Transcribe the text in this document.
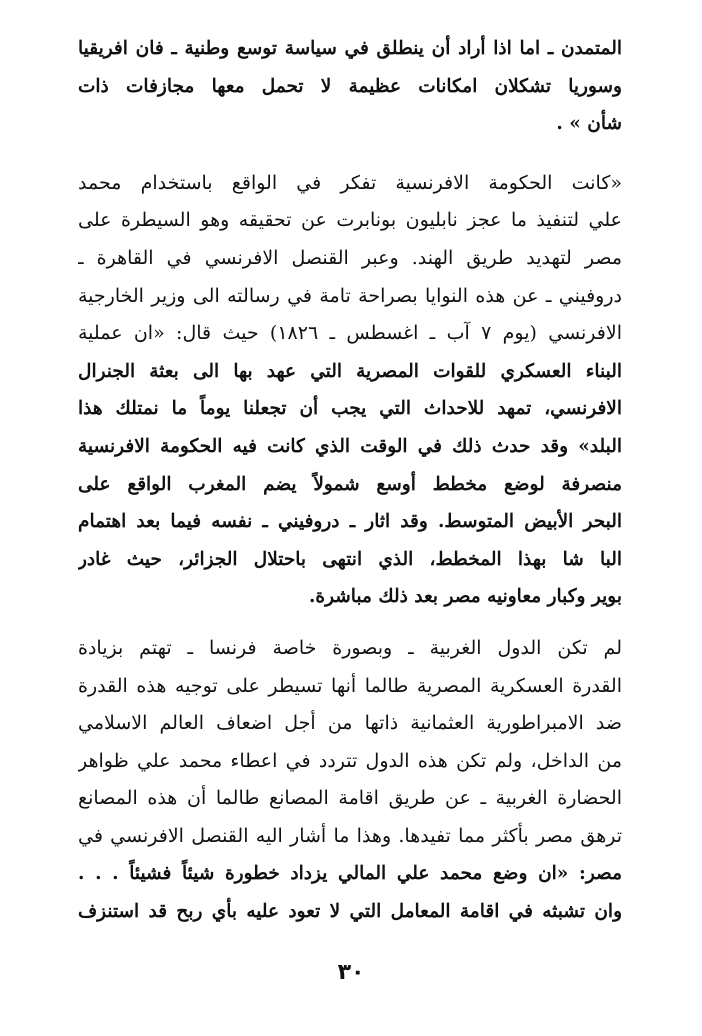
المتمدن ـ اما اذا أراد أن ينطلق في سياسة توسع وطنية ـ فان افريقيا
وسوريا تشكلان امكانات عظيمة لا تحمل معها مجازفات ذات
شأن » .
«كانت الحكومة الافرنسية تفكر في الواقع باستخدام محمد
علي لتنفيذ ما عجز نابليون بونابرت عن تحقيقه وهو السيطرة على
مصر لتهديد طريق الهند. وعبر القنصل الافرنسي في القاهرة ـ
دروفيني ـ عن هذه النوايا بصراحة تامة في رسالته الى وزير الخارجية
الافرنسي (يوم ٧ آب ـ اغسطس ـ ١٨٢٦) حيث قال: «ان عملية
البناء العسكري للقوات المصرية التي عهد بها الى بعثة الجنرال
الافرنسي، تمهد للاحداث التي يجب أن تجعلنا يوماً ما نمتلك هذا
البلد» وقد حدث ذلك في الوقت الذي كانت فيه الحكومة الافرنسية
منصرفة لوضع مخطط أوسع شمولاً يضم المغرب الواقع على
البحر الأبيض المتوسط. وقد اثار ـ دروفيني ـ نفسه فيما بعد اهتمام
البا شا بهذا المخطط، الذي انتهى باحتلال الجزائر، حيث غادر
بوير وكبار معاونيه مصر بعد ذلك مباشرة.
لم تكن الدول الغربية ـ وبصورة خاصة فرنسا ـ تهتم بزيادة
القدرة العسكرية المصرية طالما أنها تسيطر على توجيه هذه القدرة
ضد الامبراطورية العثمانية ذاتها من أجل اضعاف العالم الاسلامي
من الداخل، ولم تكن هذه الدول تتردد في اعطاء محمد علي ظواهر
الحضارة الغربية ـ عن طريق اقامة المصانع طالما أن هذه المصانع
ترهق مصر بأكثر مما تفيدها. وهذا ما أشار اليه القنصل الافرنسي في
مصر: «ان وضع محمد علي المالي يزداد خطورة شيئاً فشيئاً . . .
وان تشبثه في اقامة المعامل التي لا تعود عليه بأي ربح قد استنزف
٣٠
